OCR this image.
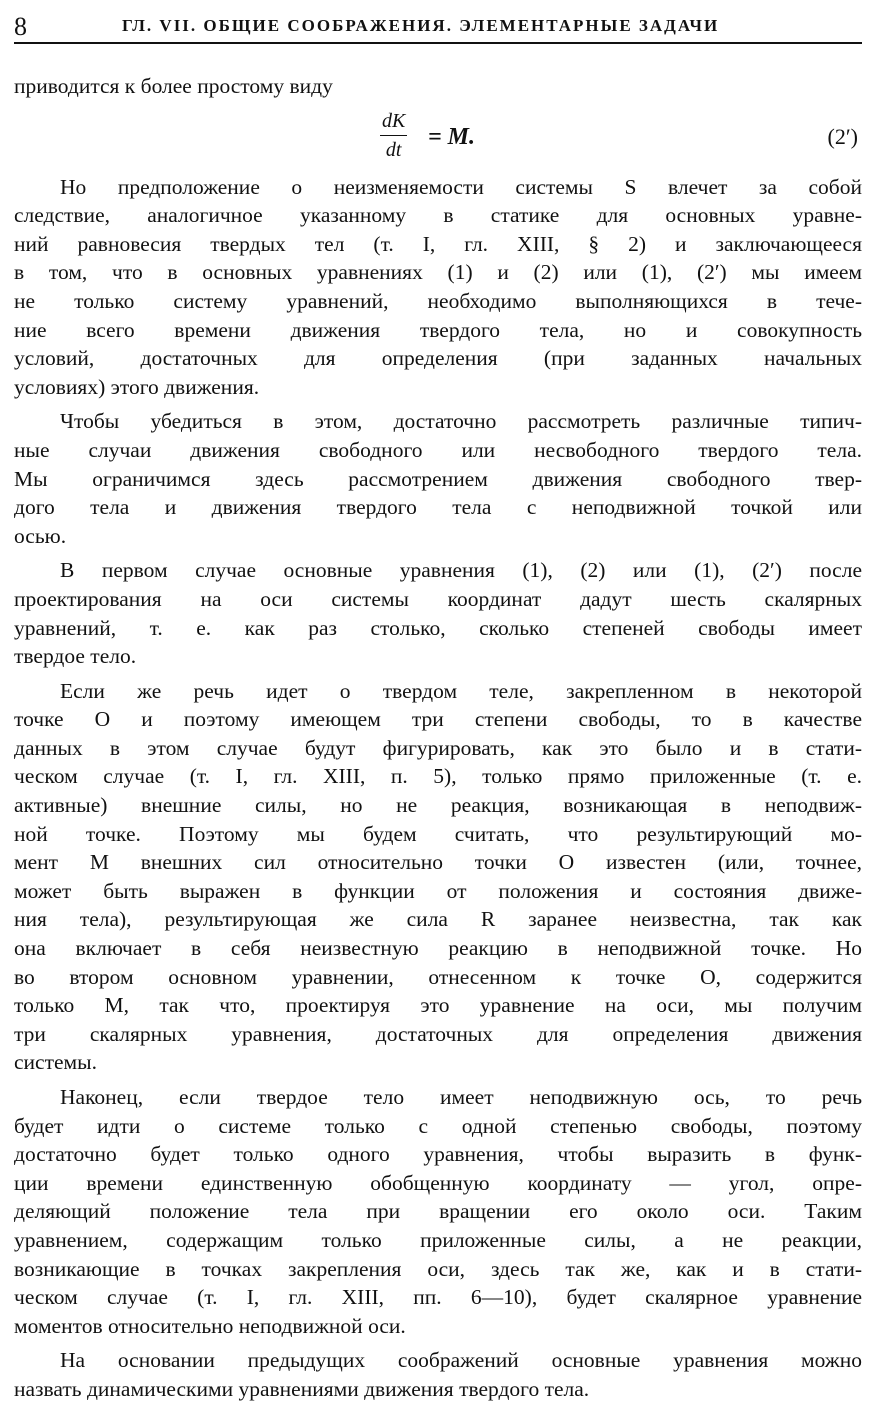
8	ГЛ. VII. ОБЩИЕ СООБРАЖЕНИЯ. ЭЛЕМЕНТАРНЫЕ ЗАДАЧИ
приводится к более простому виду
$\frac{dK}{dt} = M$.	(2′)
Но предположение о неизменяемости системы S влечет за собой
следствие, аналогичное указанному в статике для основных уравне-
ний равновесия твердых тел (т. I, гл. XIII, § 2) и заключающееся
в том, что в основных уравнениях (1) и (2) или (1), (2′) мы имеем
не только систему уравнений, необходимо выполняющихся в тече-
ние всего времени движения твердого тела, но и совокупность
условий, достаточных для определения (при заданных начальных
условиях) этого движения.
Чтобы убедиться в этом, достаточно рассмотреть различные типич-
ные случаи движения свободного или несвободного твердого тела.
Мы ограничимся здесь рассмотрением движения свободного твер-
дого тела и движения твердого тела с неподвижной точкой или
осью.
В первом случае основные уравнения (1), (2) или (1), (2′) после
проектирования на оси системы координат дадут шесть скалярных
уравнений, т. е. как раз столько, сколько степеней свободы имеет
твердое тело.
Если же речь идет о твердом теле, закрепленном в некоторой
точке O и поэтому имеющем три степени свободы, то в качестве
данных в этом случае будут фигурировать, как это было и в стати-
ческом случае (т. I, гл. XIII, п. 5), только прямо приложенные (т. е.
активные) внешние силы, но не реакция, возникающая в неподвиж-
ной точке. Поэтому мы будем считать, что результирующий мо-
мент M внешних сил относительно точки O известен (или, точнее,
может быть выражен в функции от положения и состояния движе-
ния тела), результирующая же сила R заранее неизвестна, так как
она включает в себя неизвестную реакцию в неподвижной точке. Но
во втором основном уравнении, отнесенном к точке O, содержится
только M, так что, проектируя это уравнение на оси, мы получим
три скалярных уравнения, достаточных для определения движения
системы.
Наконец, если твердое тело имеет неподвижную ось, то речь
будет идти о системе только с одной степенью свободы, поэтому
достаточно будет только одного уравнения, чтобы выразить в функ-
ции времени единственную обобщенную координату — угол, опре-
деляющий положение тела при вращении его около оси. Таким
уравнением, содержащим только приложенные силы, а не реакции,
возникающие в точках закрепления оси, здесь так же, как и в стати-
ческом случае (т. I, гл. XIII, пп. 6—10), будет скалярное уравнение
моментов относительно неподвижной оси.
На основании предыдущих соображений основные уравнения можно
назвать динамическими уравнениями движения твердого тела.
